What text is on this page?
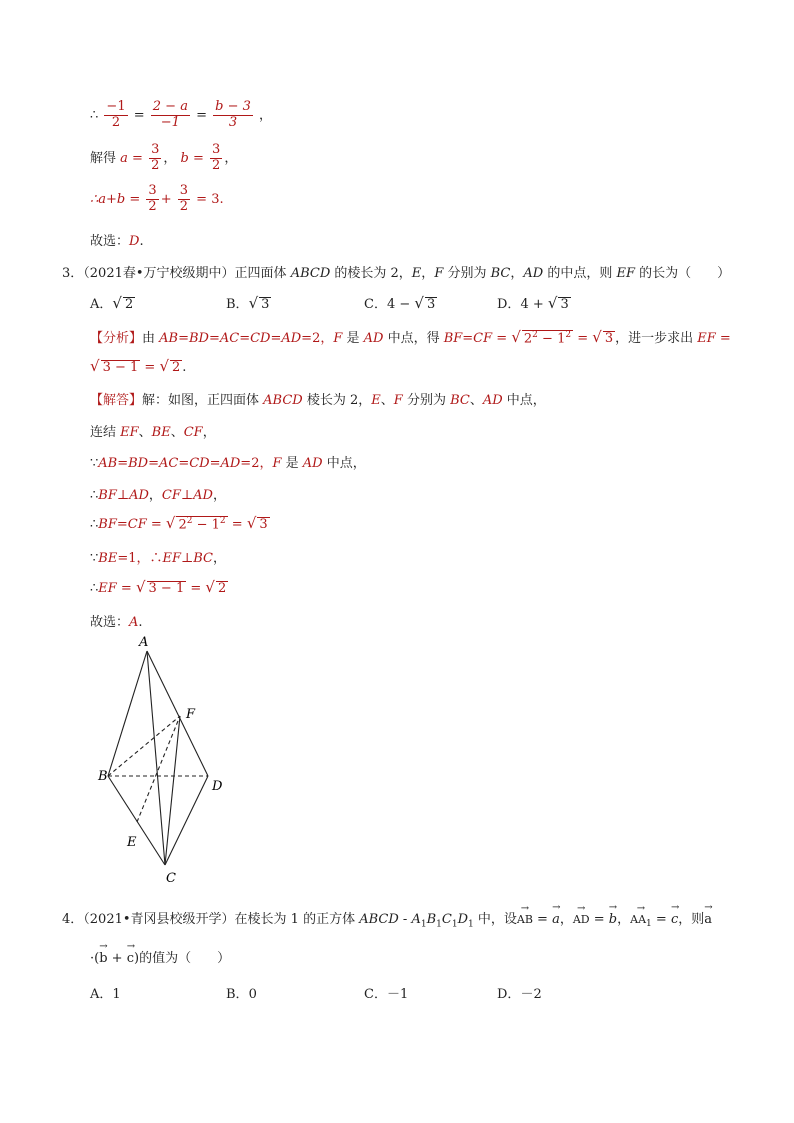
∴ $\frac{-1}{2} = \frac{2 - a}{-1} = \frac{b - 3}{3}$ ，
解得 $a = \frac{3}{2}$ ， $b = \frac{3}{2}$ ，
∴a+b = $\frac{3}{2} + \frac{3}{2} = 3$.
故选：D.
3．（2021春•万宁校级期中）正四面体 ABCD 的棱长为 2，E，F 分别为 BC，AD 的中点，则 EF 的长为（　　）
A．√ 2	B．√ 3	C．4 − √ 3	D．4 + √ 3
【分析】由 AB=BD=AC=CD=AD=2，F 是 AD 中点，得 BF=CF = √ $2^2 - 1^2$ = √ 3 ，进一步求出 EF =
√ 3 − 1 = √ 2 .
【解答】解：如图，正四面体 ABCD 棱长为 2，E、F 分别为 BC、AD 中点，
连结 EF、BE、CF，
∵AB=BD=AC=CD=AD=2，F 是 AD 中点，
∴BF⊥AD，CF⊥AD，
∴BF=CF = √ $2^2 - 1^2$ = √ 3
∵BE=1，∴EF⊥BC，
∴EF = √ 3 − 1 = √ 2
故选：A.
A
F
B
D
E
C
4．（2021•青冈县校级开学）在棱长为 1 的正方体 ABCD - $A_1B_1C_1D_1$ 中，设→ AB = → a，→ AD = → b，→ $AA_1$ = → c，则→ a
·(→ b + → c)的值为（　　）
A．1	B．0	C．－1	D．－2
